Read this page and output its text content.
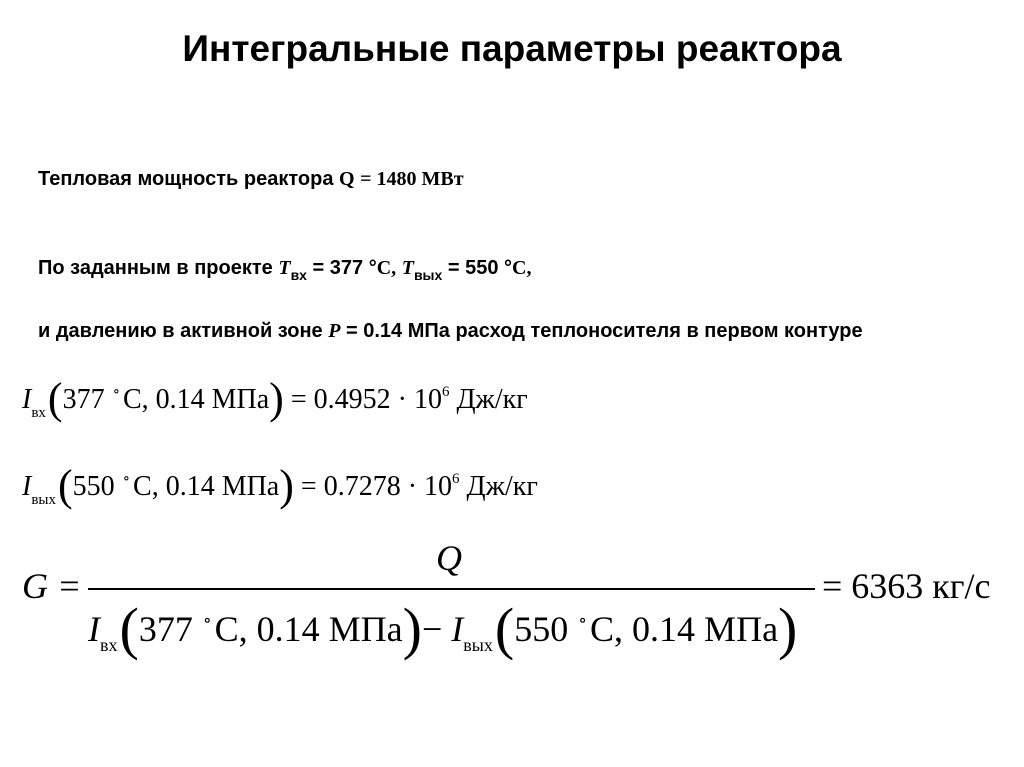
Интегральные параметры реактора
Тепловая мощность реактора Q = 1480 МВт
По заданным в проекте $T_{вх} = 377$ °C, $T_{вых} = 550$ °C,
и давлению в активной зоне P = 0.14 МПа расход теплоносителя в первом контуре
$I_{вх}(377$ ∘ C, 0.14 $МПа) = 0.4952 \cdot 10^6$ Дж/кг
$I_{вых}(550$ ∘ C, 0.14 $МПа) = 0.7278 \cdot 10^6$ Дж/кг
G =
Q
$I_{вх}(377$ ∘C, 0.14 $МПа)- I_{вых}(550$ ∘C, 0.14 МПа)
= 6363 кг/с
